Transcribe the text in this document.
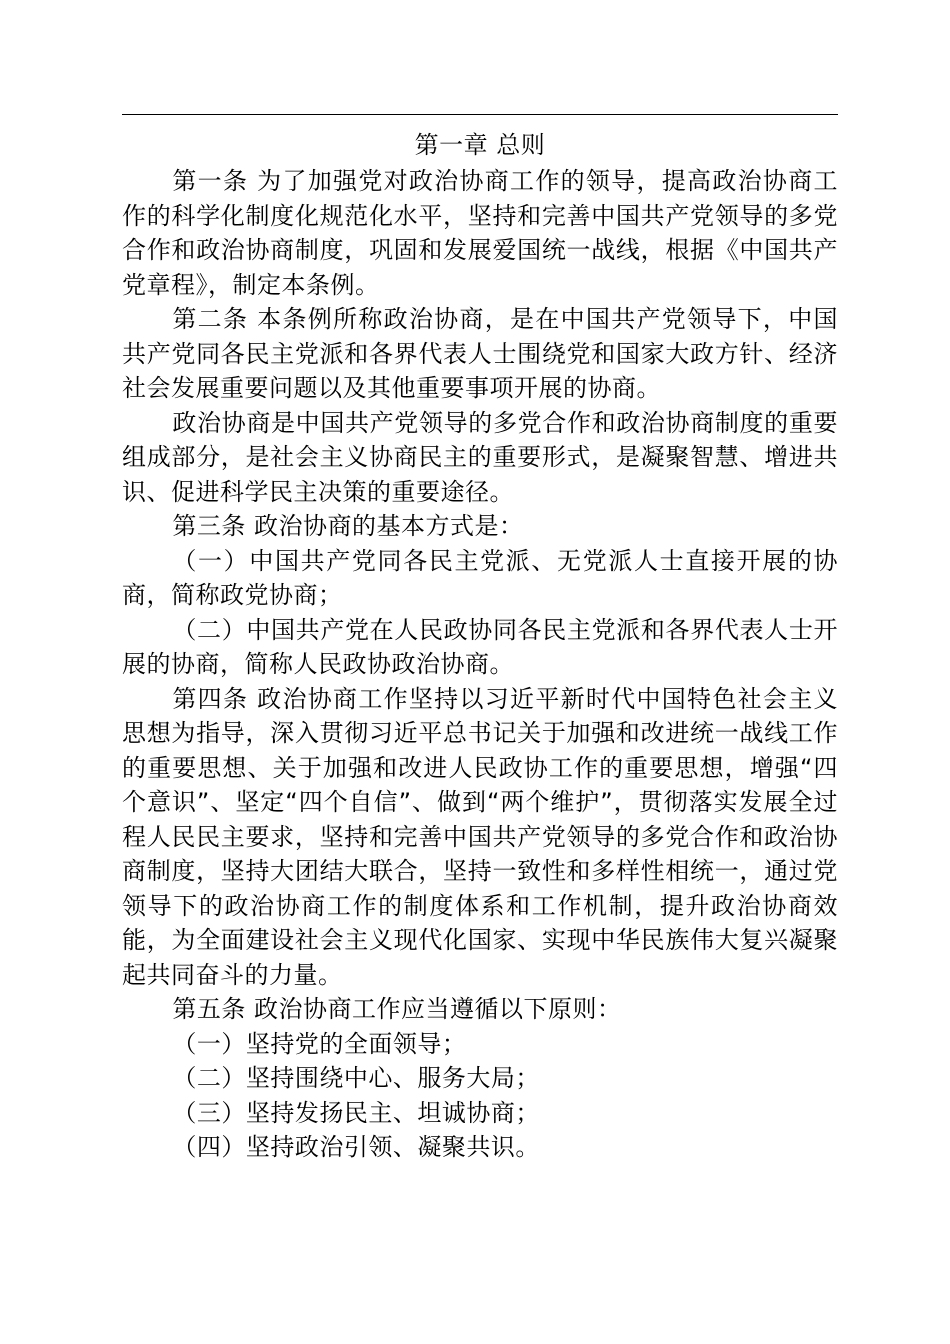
第一章 总则

第一条 为了加强党对政治协商工作的领导，提高政治协商工作的科学化制度化规范化水平，坚持和完善中国共产党领导的多党合作和政治协商制度，巩固和发展爱国统一战线，根据《中国共产党章程》，制定本条例。

第二条 本条例所称政治协商，是在中国共产党领导下，中国共产党同各民主党派和各界代表人士围绕党和国家大政方针、经济社会发展重要问题以及其他重要事项开展的协商。

政治协商是中国共产党领导的多党合作和政治协商制度的重要组成部分，是社会主义协商民主的重要形式，是凝聚智慧、增进共识、促进科学民主决策的重要途径。

第三条 政治协商的基本方式是：

（一）中国共产党同各民主党派、无党派人士直接开展的协商，简称政党协商；

（二）中国共产党在人民政协同各民主党派和各界代表人士开展的协商，简称人民政协政治协商。

第四条 政治协商工作坚持以习近平新时代中国特色社会主义思想为指导，深入贯彻习近平总书记关于加强和改进统一战线工作的重要思想、关于加强和改进人民政协工作的重要思想，增强“四个意识”、坚定“四个自信”、做到“两个维护”，贯彻落实发展全过程人民民主要求，坚持和完善中国共产党领导的多党合作和政治协商制度，坚持大团结大联合，坚持一致性和多样性相统一，通过党领导下的政治协商工作的制度体系和工作机制，提升政治协商效能，为全面建设社会主义现代化国家、实现中华民族伟大复兴凝聚起共同奋斗的力量。

第五条 政治协商工作应当遵循以下原则：

（一）坚持党的全面领导；

（二）坚持围绕中心、服务大局；

（三）坚持发扬民主、坦诚协商；

（四）坚持政治引领、凝聚共识。
